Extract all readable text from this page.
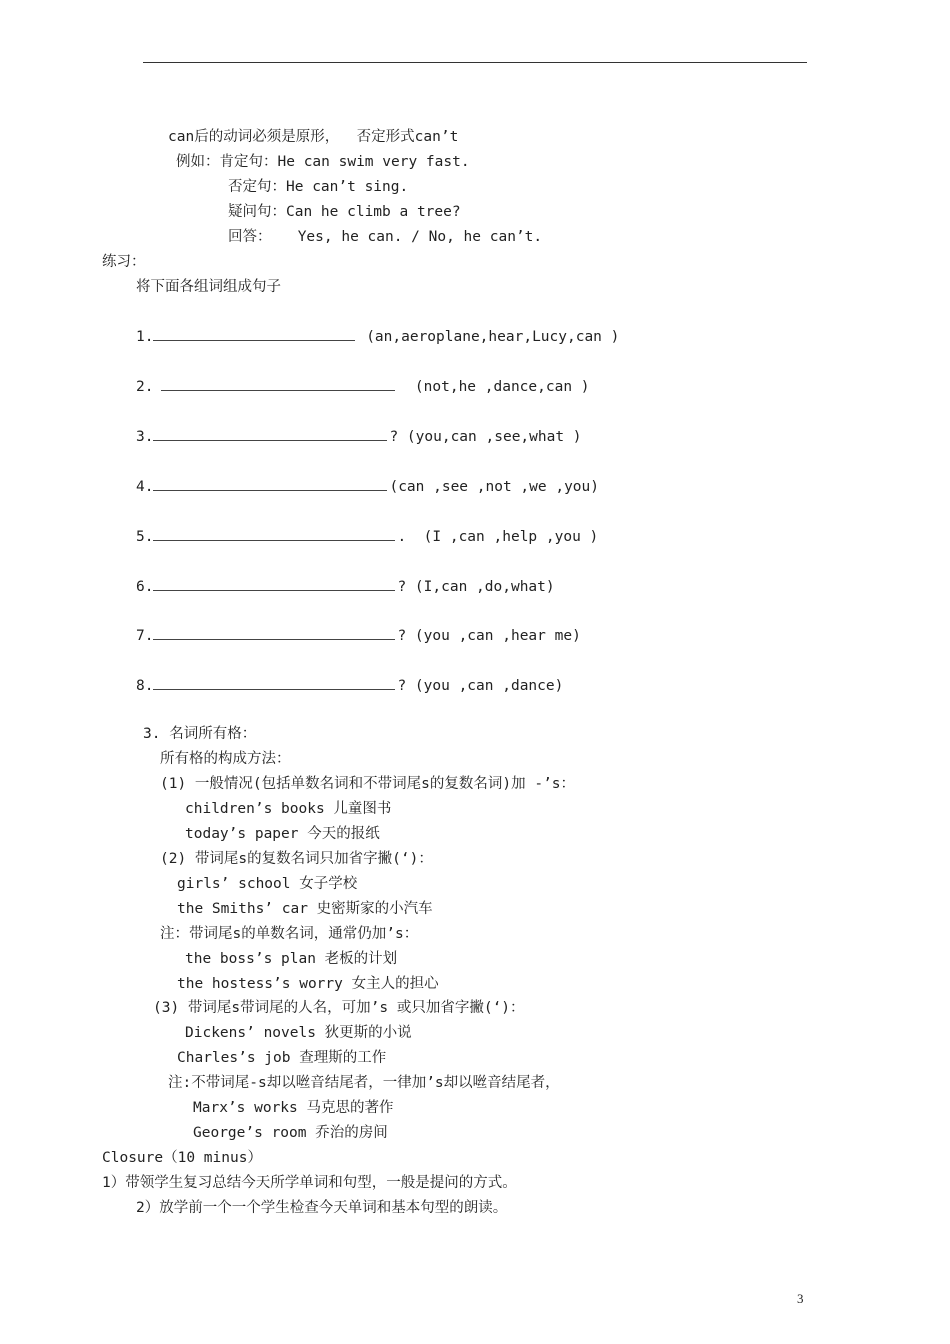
can后的动词必须是原形，  否定形式can’t
例如：肯定句：He can swim very fast.
否定句：He can’t sing.
疑问句：Can he climb a tree?
回答：   Yes, he can. / No, he can’t.
练习：
将下面各组词组成句子
1.	(an,aeroplane,hear,Lucy,can )
2.	(not,he ,dance,can )
3.	? (you,can ,see,what )
4.	(can ,see ,not ,we ,you)
5.	.  (I ,can ,help ,you )
6.	? (I,can ,do,what)
7.	? (you ,can ,hear me)
8.	? (you ,can ,dance)
3. 名词所有格：
所有格的构成方法：
(1) 一般情况(包括单数名词和不带词尾s的复数名词)加 -’s：
children’s books 儿童图书
today’s paper 今天的报纸
(2) 带词尾s的复数名词只加省字撇(‘)：
girls’ school 女子学校
the Smiths’ car 史密斯家的小汽车
注：带词尾s的单数名词，通常仍加’s：
the boss’s plan 老板的计划
the hostess’s worry 女主人的担心
(3) 带词尾s带词尾的人名，可加’s 或只加省字撇(‘)：
Dickens’ novels 狄更斯的小说
Charles’s job 查理斯的工作
注:不带词尾-s却以咝音结尾者，一律加’s却以咝音结尾者，
Marx’s works 马克思的著作
George’s room 乔治的房间
Closure（10 minus）
1）带领学生复习总结今天所学单词和句型，一般是提问的方式。
2）放学前一个一个学生检查今天单词和基本句型的朗读。
3
